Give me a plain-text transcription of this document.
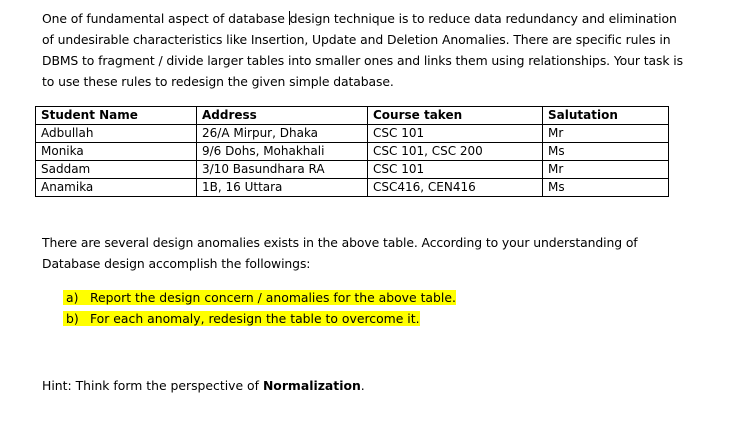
One of fundamental aspect of database design technique is to reduce data redundancy and elimination
of undesirable characteristics like Insertion, Update and Deletion Anomalies. There are specific rules in
DBMS to fragment / divide larger tables into smaller ones and links them using relationships. Your task is
to use these rules to redesign the given simple database.
Student Name	Address	Course taken	Salutation
Adbullah	26/A Mirpur, Dhaka	CSC 101	Mr
Monika	9/6 Dohs, Mohakhali	CSC 101, CSC 200	Ms
Saddam	3/10 Basundhara RA	CSC 101	Mr
Anamika	1B, 16 Uttara	CSC416, CEN416	Ms
There are several design anomalies exists in the above table. According to your understanding of
Database design accomplish the followings:
a) Report the design concern / anomalies for the above table.
b) For each anomaly, redesign the table to overcome it.
Hint: Think form the perspective of Normalization.
